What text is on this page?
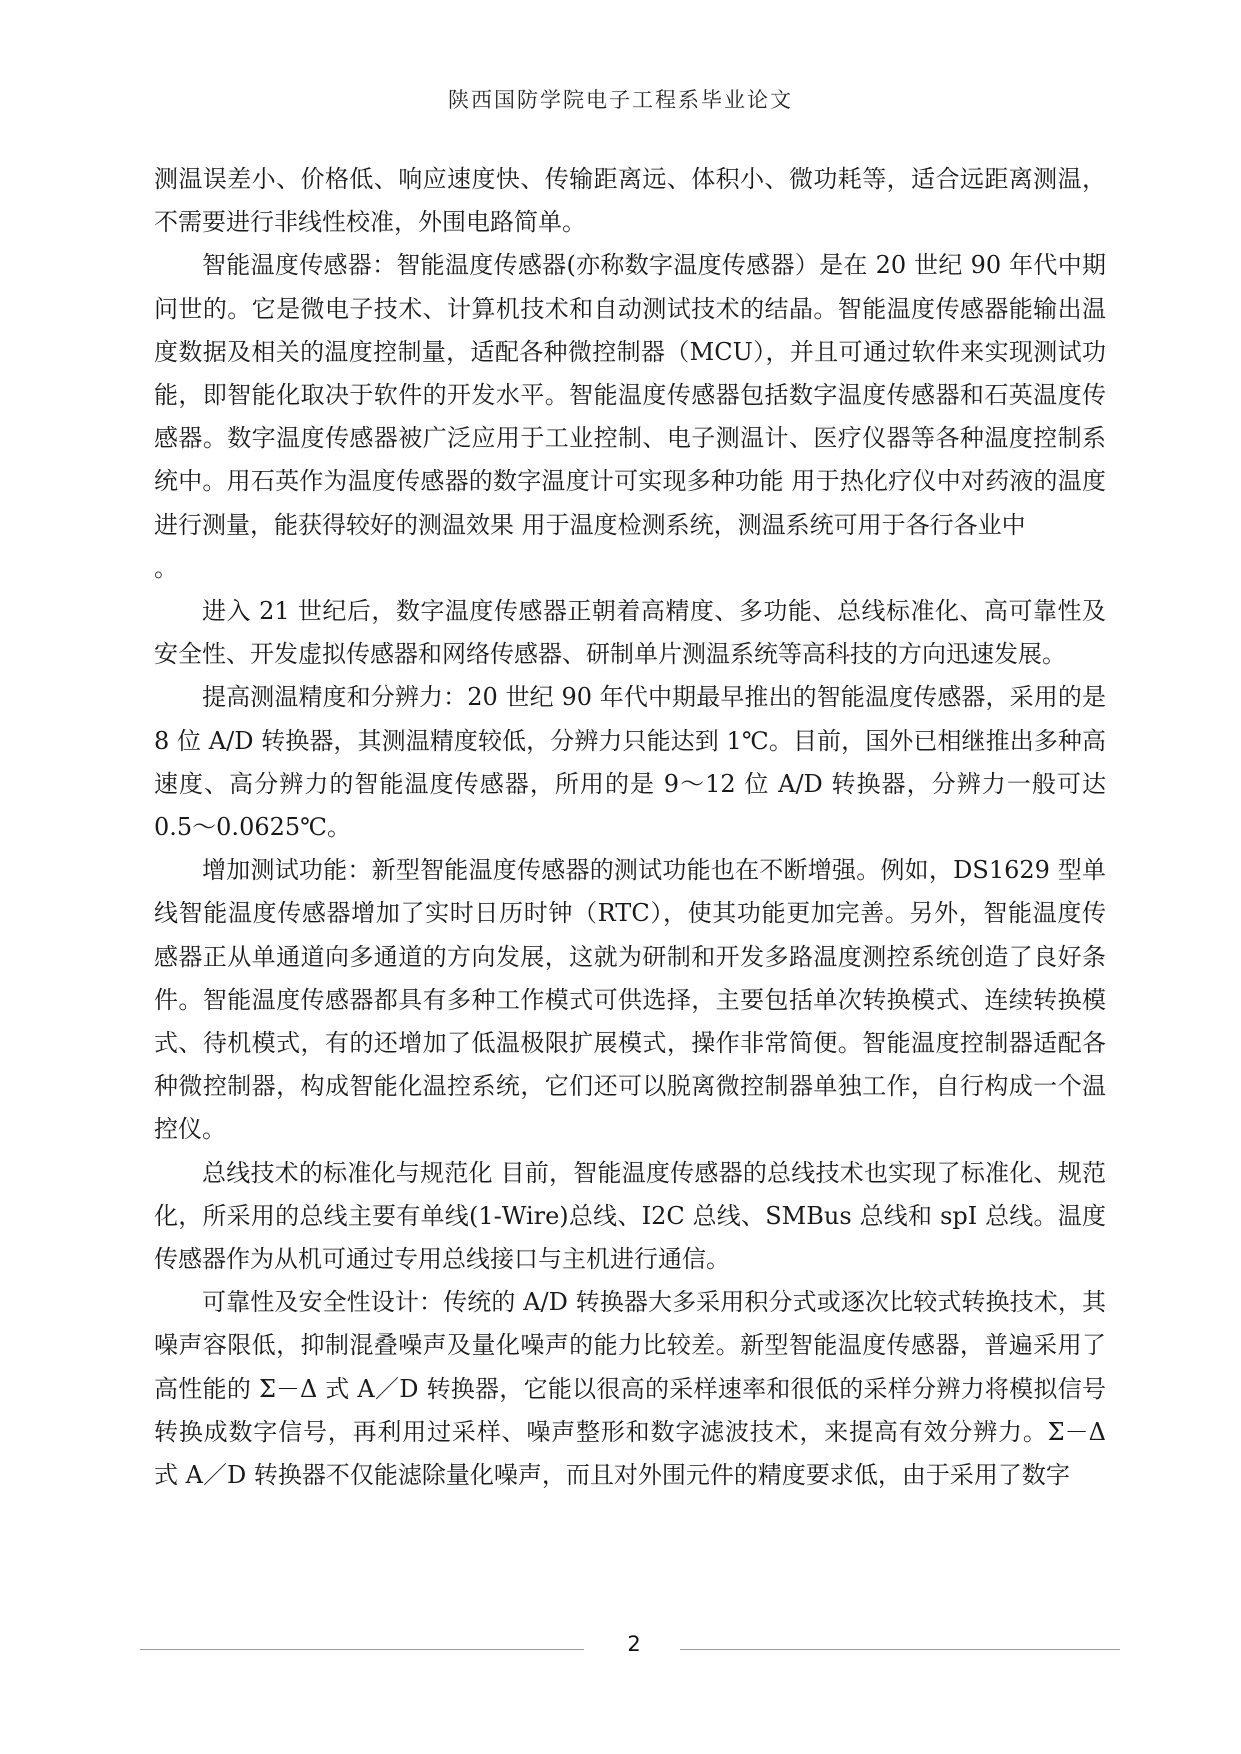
陕西国防学院电子工程系毕业论文

测温误差小、价格低、响应速度快、传输距离远、体积小、微功耗等，适合远距离测温，不需要进行非线性校准，外围电路简单。

智能温度传感器：智能温度传感器(亦称数字温度传感器）是在 20 世纪 90 年代中期问世的。它是微电子技术、计算机技术和自动测试技术的结晶。智能温度传感器能输出温度数据及相关的温度控制量，适配各种微控制器（MCU），并且可通过软件来实现测试功能，即智能化取决于软件的开发水平。智能温度传感器包括数字温度传感器和石英温度传感器。数字温度传感器被广泛应用于工业控制、电子测温计、医疗仪器等各种温度控制系统中。用石英作为温度传感器的数字温度计可实现多种功能 用于热化疗仪中对药液的温度进行测量，能获得较好的测温效果 用于温度检测系统，测温系统可用于各行各业中

。

进入 21 世纪后，数字温度传感器正朝着高精度、多功能、总线标准化、高可靠性及安全性、开发虚拟传感器和网络传感器、研制单片测温系统等高科技的方向迅速发展。

提高测温精度和分辨力：20 世纪 90 年代中期最早推出的智能温度传感器，采用的是 8 位 A/D 转换器，其测温精度较低，分辨力只能达到 1℃。目前，国外已相继推出多种高速度、高分辨力的智能温度传感器，所用的是 9～12 位 A/D 转换器，分辨力一般可达 0.5～0.0625℃。

增加测试功能：新型智能温度传感器的测试功能也在不断增强。例如，DS1629 型单线智能温度传感器增加了实时日历时钟（RTC），使其功能更加完善。另外，智能温度传感器正从单通道向多通道的方向发展，这就为研制和开发多路温度测控系统创造了良好条件。智能温度传感器都具有多种工作模式可供选择，主要包括单次转换模式、连续转换模式、待机模式，有的还增加了低温极限扩展模式，操作非常简便。智能温度控制器适配各种微控制器，构成智能化温控系统，它们还可以脱离微控制器单独工作，自行构成一个温控仪。

总线技术的标准化与规范化 目前，智能温度传感器的总线技术也实现了标准化、规范化，所采用的总线主要有单线(1-Wire)总线、I2C 总线、SMBus 总线和 spI 总线。温度传感器作为从机可通过专用总线接口与主机进行通信。

可靠性及安全性设计：传统的 A/D 转换器大多采用积分式或逐次比较式转换技术，其噪声容限低，抑制混叠噪声及量化噪声的能力比较差。新型智能温度传感器，普遍采用了高性能的 Σ－Δ 式 A／D 转换器，它能以很高的采样速率和很低的采样分辨力将模拟信号转换成数字信号，再利用过采样、噪声整形和数字滤波技术，来提高有效分辨力。Σ－Δ 式 A／D 转换器不仅能滤除量化噪声，而且对外围元件的精度要求低，由于采用了数字

2
